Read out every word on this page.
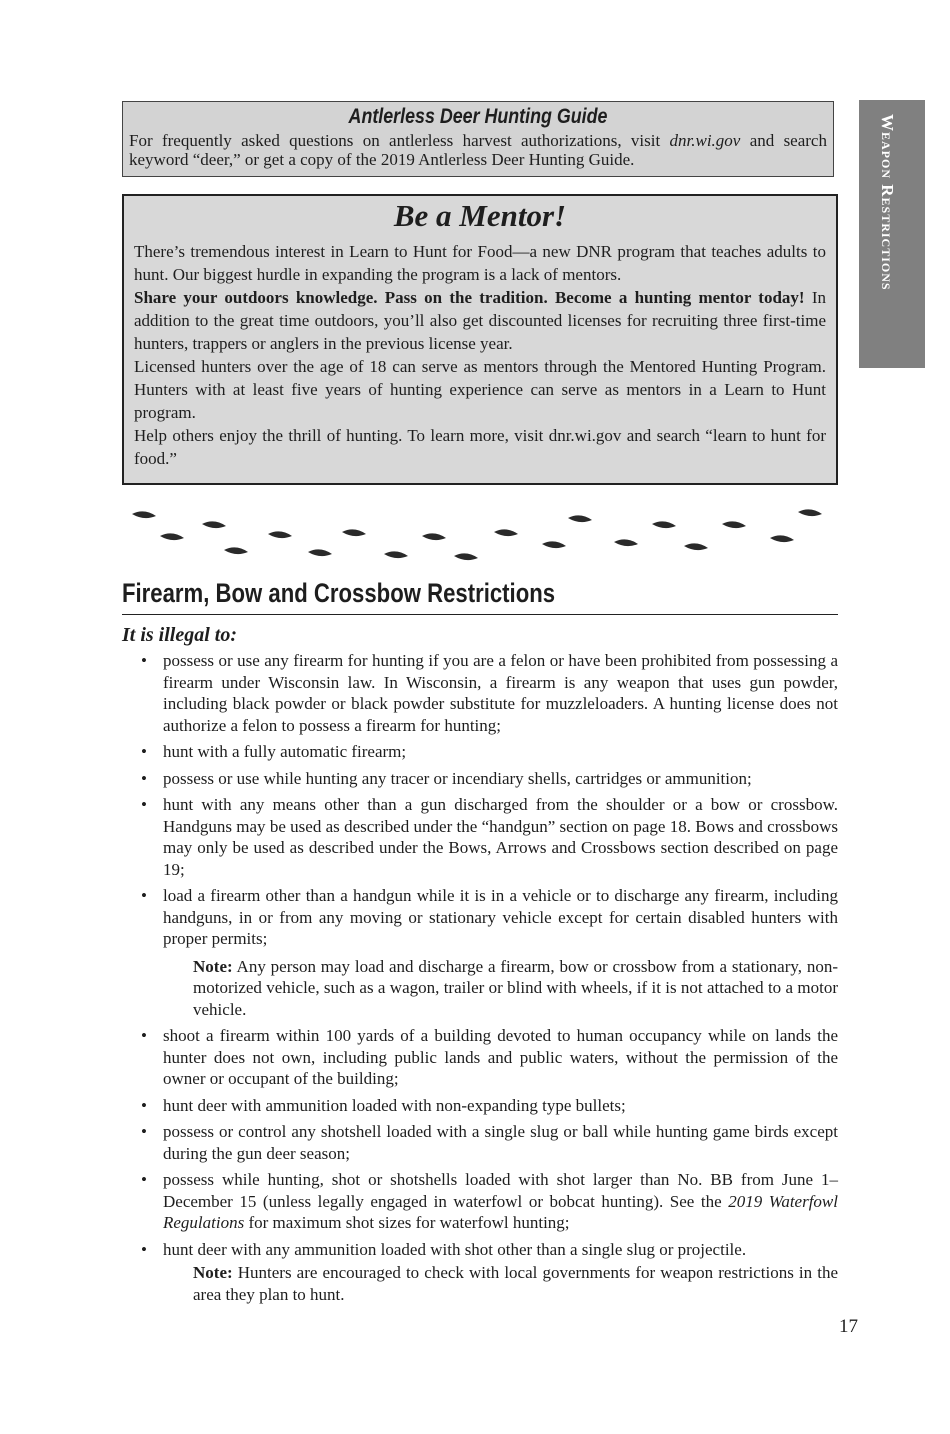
Weapon Restrictions
Antlerless Deer Hunting Guide

For frequently asked questions on antlerless harvest authorizations, visit dnr.wi.gov and search keyword “deer,” or get a copy of the 2019 Antlerless Deer Hunting Guide.

Be a Mentor!

There’s tremendous interest in Learn to Hunt for Food—a new DNR program that teaches adults to hunt. Our biggest hurdle in expanding the program is a lack of mentors.

Share your outdoors knowledge. Pass on the tradition. Become a hunting mentor today! In addition to the great time outdoors, you’ll also get discounted licenses for recruiting three first-time hunters, trappers or anglers in the previous license year.

Licensed hunters over the age of 18 can serve as mentors through the Mentored Hunting Program. Hunters with at least five years of hunting experience can serve as mentors in a Learn to Hunt program.

Help others enjoy the thrill of hunting. To learn more, visit dnr.wi.gov and search “learn to hunt for food.”

Firearm, Bow and Crossbow Restrictions
It is illegal to:
• possess or use any firearm for hunting if you are a felon or have been prohibited from possessing a firearm under Wisconsin law. In Wisconsin, a firearm is any weapon that uses gun powder, including black powder or black powder substitute for muzzleloaders. A hunting license does not authorize a felon to possess a firearm for hunting;
• hunt with a fully automatic firearm;
• possess or use while hunting any tracer or incendiary shells, cartridges or ammunition;
• hunt with any means other than a gun discharged from the shoulder or a bow or crossbow. Handguns may be used as described under the “handgun” section on page 18. Bows and crossbows may only be used as described under the Bows, Arrows and Crossbows section described on page 19;
• load a firearm other than a handgun while it is in a vehicle or to discharge any firearm, including handguns, in or from any moving or stationary vehicle except for certain disabled hunters with proper permits;
Note: Any person may load and discharge a firearm, bow or crossbow from a stationary, non-motorized vehicle, such as a wagon, trailer or blind with wheels, if it is not attached to a motor vehicle.
• shoot a firearm within 100 yards of a building devoted to human occupancy while on lands the hunter does not own, including public lands and public waters, without the permission of the owner or occupant of the building;
• hunt deer with ammunition loaded with non-expanding type bullets;
• possess or control any shotshell loaded with a single slug or ball while hunting game birds except during the gun deer season;
• possess while hunting, shot or shotshells loaded with shot larger than No. BB from June 1– December 15 (unless legally engaged in waterfowl or bobcat hunting). See the 2019 Waterfowl Regulations for maximum shot sizes for waterfowl hunting;
• hunt deer with any ammunition loaded with shot other than a single slug or projectile.
Note: Hunters are encouraged to check with local governments for weapon restrictions in the area they plan to hunt.
17
